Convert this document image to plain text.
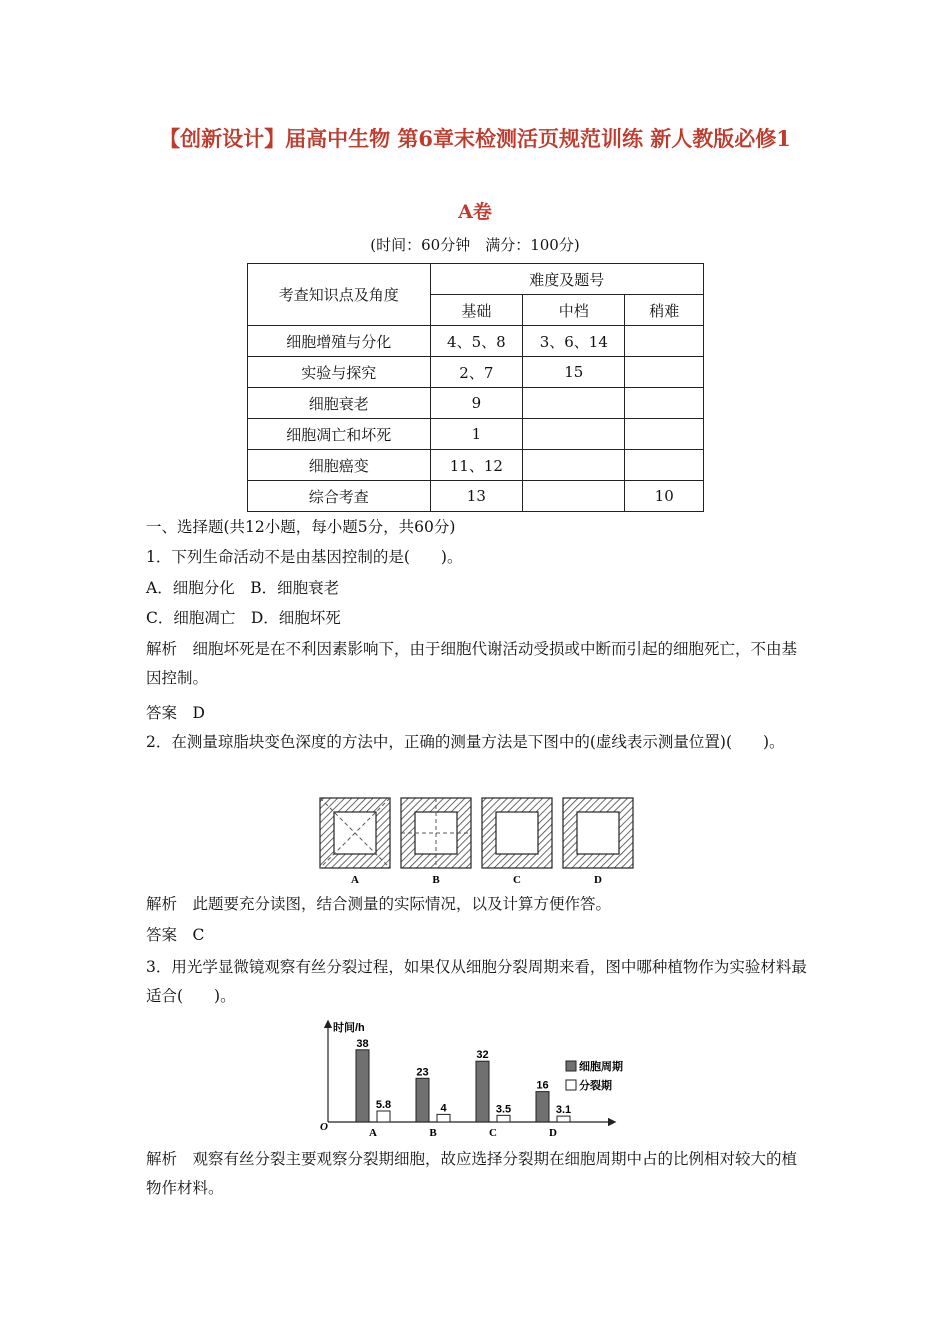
【创新设计】届高中生物 第6章末检测活页规范训练 新人教版必修1
A卷
(时间：60分钟　满分：100分)
考查知识点及角度	难度及题号		
	基础	中档	稍难
细胞增殖与分化	4、5、8	3、6、14	
实验与探究	2、7	15	
细胞衰老	9		
细胞凋亡和坏死	1		
细胞癌变	11、12		
综合考查	13		10
一、选择题(共12小题，每小题5分，共60分)
1．下列生命活动不是由基因控制的是(　　)。
A．细胞分化　B．细胞衰老
C．细胞凋亡　D．细胞坏死
解析　细胞坏死是在不利因素影响下，由于细胞代谢活动受损或中断而引起的细胞死亡，不由基因控制。
答案　D
2．在测量琼脂块变色深度的方法中，正确的测量方法是下图中的(虚线表示测量位置)(　　)。
A	B	C	D
解析　此题要充分读图，结合测量的实际情况，以及计算方便作答。
答案　C
3．用光学显微镜观察有丝分裂过程，如果仅从细胞分裂周期来看，图中哪种植物作为实验材料最适合(　　)。
时间/h
O
38
5.8
A
23
4
B
32
3.5
C
16
3.1
D
细胞周期
分裂期
解析　观察有丝分裂主要观察分裂期细胞，故应选择分裂期在细胞周期中占的比例相对较大的植物作材料。
